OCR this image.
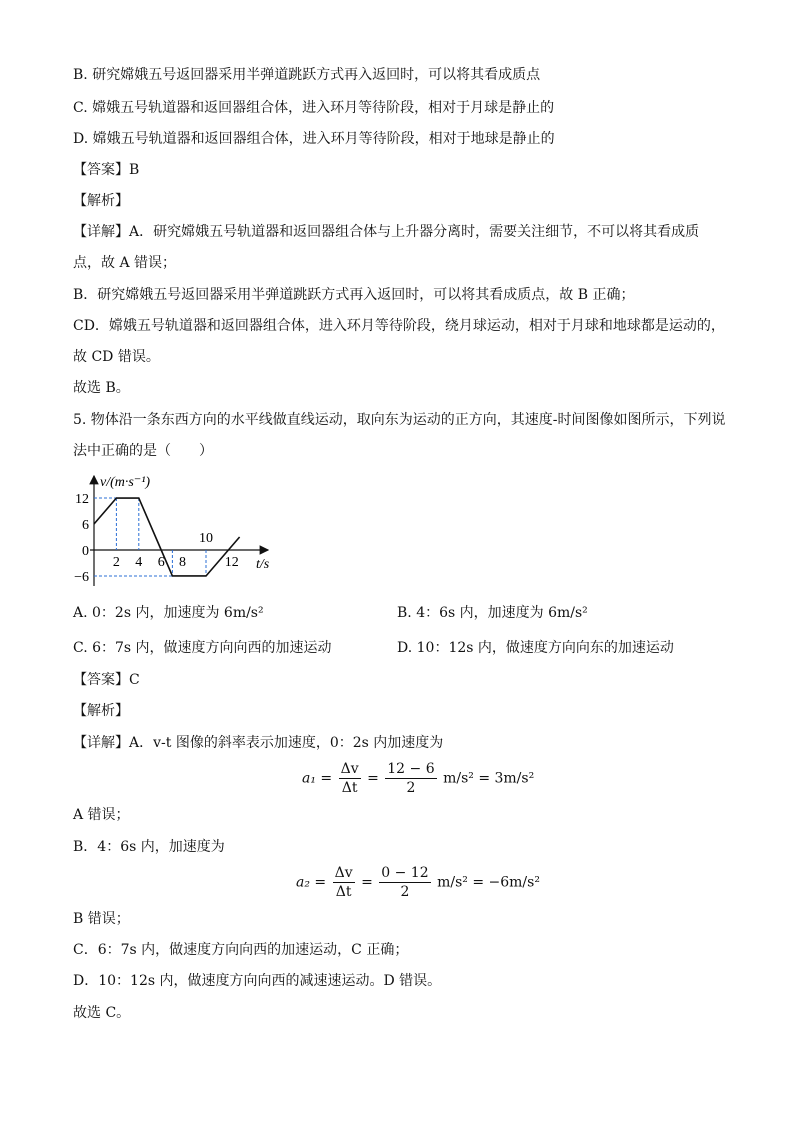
B. 研究嫦娥五号返回器采用半弹道跳跃方式再入返回时，可以将其看成质点
C. 嫦娥五号轨道器和返回器组合体，进入环月等待阶段，相对于月球是静止的
D. 嫦娥五号轨道器和返回器组合体，进入环月等待阶段，相对于地球是静止的
【答案】B
【解析】
【详解】A．研究嫦娥五号轨道器和返回器组合体与上升器分离时，需要关注细节，不可以将其看成质
点，故 A 错误；
B．研究嫦娥五号返回器采用半弹道跳跃方式再入返回时，可以将其看成质点，故 B 正确；
CD．嫦娥五号轨道器和返回器组合体，进入环月等待阶段，绕月球运动，相对于月球和地球都是运动的，
故 CD 错误。
故选 B。
5. 物体沿一条东西方向的水平线做直线运动，取向东为运动的正方向，其速度-时间图像如图所示，下列说
法中正确的是（　　）
12
6
0
−6
2 4 6 8
10
12
v/(m·s⁻¹)
t/s
A. 0：2s 内，加速度为 6m/s²	B. 4：6s 内，加速度为 6m/s²
C. 6：7s 内，做速度方向向西的加速运动	D. 10：12s 内，做速度方向向东的加速运动
【答案】C
【解析】
【详解】A．v-t 图像的斜率表示加速度，0：2s 内加速度为
$a_1 = \frac{\Delta v}{\Delta t} = \frac{12 - 6}{2} m/s^2 = 3m/s^2$
A 错误；
B．4：6s 内，加速度为
$a_2 = \frac{\Delta v}{\Delta t} = \frac{0 - 12}{2} m/s^2 = -6m/s^2$
B 错误；
C．6：7s 内，做速度方向向西的加速运动，C 正确；
D．10：12s 内，做速度方向向西的减速速运动。D 错误。
故选 C。
